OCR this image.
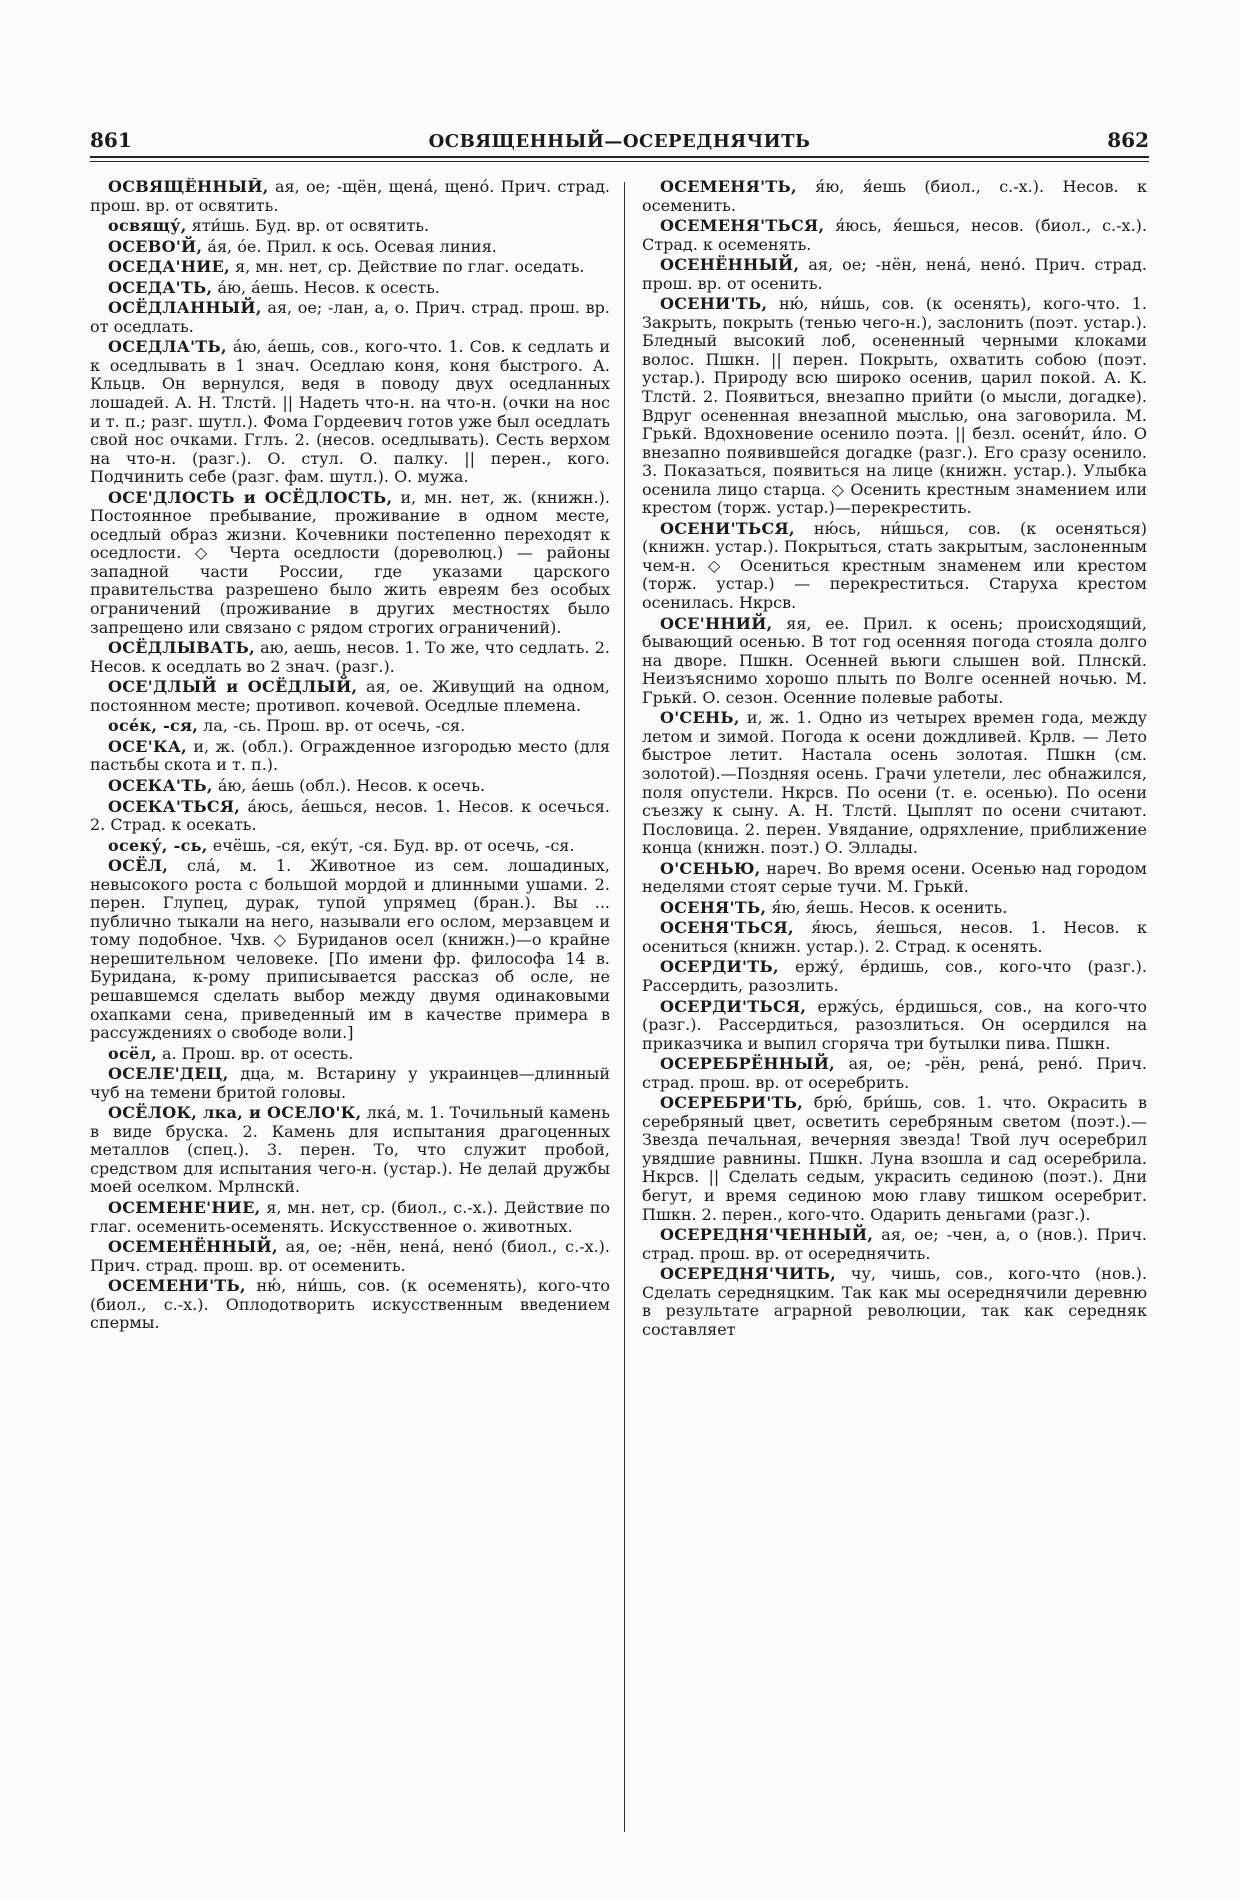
861	ОСВЯЩЕННЫЙ—ОСЕРЕДНЯЧИТЬ	862

ОСВЯЩЁННЫЙ, ая, ое; -щён, щена́, щено́. Прич. страд. прош. вр. от освятить.

освящу́, яти́шь. Буд. вр. от освятить.

ОСЕВО'Й, а́я, о́е. Прил. к ось. Осевая линия.

ОСЕДА'НИЕ, я, мн. нет, ср. Действие по глаг. оседать.

ОСЕДА'ТЬ, а́ю, а́ешь. Несов. к осесть.

ОСЁДЛАННЫЙ, ая, ое; -лан, а, о. Прич. страд. прош. вр. от оседлать.

ОСЕДЛА'ТЬ, а́ю, а́ешь, сов., кого-что. 1. Сов. к седлать и к оседлывать в 1 знач. Оседлаю коня, коня быстрого. А. Кльцв. Он вернулся, ведя в поводу двух оседланных лошадей. А. Н. Тлстй. || Надеть что-н. на что-н. (очки на нос и т. п.; разг. шутл.). Фома Гордеевич готов уже был оседлать свой нос очками. Гглъ. 2. (несов. оседлывать). Сесть верхом на что-н. (разг.). О. стул. О. палку. || перен., кого. Подчинить себе (разг. фам. шутл.). О. мужа.

ОСЕ'ДЛОСТЬ и ОСЁДЛОСТЬ, и, мн. нет, ж. (книжн.). Постоянное пребывание, проживание в одном месте, оседлый образ жизни. Кочевники постепенно переходят к оседлости. ◇ Черта оседлости (дореволюц.) — районы западной части России, где указами царского правительства разрешено было жить евреям без особых ограничений (проживание в других местностях было запрещено или связано с рядом строгих ограничений).

ОСЁДЛЫВАТЬ, аю, аешь, несов. 1. То же, что седлать. 2. Несов. к оседлать во 2 знач. (разг.).

ОСЕ'ДЛЫЙ и ОСЁДЛЫЙ, ая, ое. Живущий на одном, постоянном месте; противоп. кочевой. Оседлые племена.

осе́к, -ся, ла, -сь. Прош. вр. от осечь, -ся.

ОСЕ'КА, и, ж. (обл.). Огражденное изгородью место (для пастьбы скота и т. п.).

ОСЕКА'ТЬ, а́ю, а́ешь (обл.). Несов. к осечь.

ОСЕКА'ТЬСЯ, а́юсь, а́ешься, несов. 1. Несов. к осечься. 2. Страд. к осекать.

осеку́, -сь, ечёшь, -ся, еку́т, -ся. Буд. вр. от осечь, -ся.

ОСЁЛ, сла́, м. 1. Животное из сем. лошадиных, невысокого роста с большой мордой и длинными ушами. 2. перен. Глупец, дурак, тупой упрямец (бран.). Вы ... публично тыкали на него, называли его ослом, мерзавцем и тому подобное. Чхв. ◇ Буриданов осел (книжн.)—о крайне нерешительном человеке. [По имени фр. философа 14 в. Буридана, к-рому приписывается рассказ об осле, не решавшемся сделать выбор между двумя одинаковыми охапками сена, приведенный им в качестве примера в рассуждениях о свободе воли.]

осёл, а. Прош. вр. от осесть.

ОСЕЛЕ'ДЕЦ, дца, м. Встарину у украинцев—длинный чуб на темени бритой головы.

ОСЁЛОК, лка, и ОСЕЛО'К, лка́, м. 1. Точильный камень в виде бруска. 2. Камень для испытания драгоценных металлов (спец.). 3. перен. То, что служит пробой, средством для испытания чего-н. (устар.). Не делай дружбы моей оселком. Мрлнскй.

ОСЕМЕНЕ'НИЕ, я, мн. нет, ср. (биол., с.-х.). Действие по глаг. осеменить-осеменять. Искусственное о. животных.

ОСЕМЕНЁННЫЙ, ая, ое; -нён, нена́, нено́ (биол., с.-х.). Прич. страд. прош. вр. от осеменить.

ОСЕМЕНИ'ТЬ, ню́, ни́шь, сов. (к осеменять), кого-что (биол., с.-х.). Оплодотворить искусственным введением спермы.

ОСЕМЕНЯ'ТЬ, я́ю, я́ешь (биол., с.-х.). Несов. к осеменить.

ОСЕМЕНЯ'ТЬСЯ, я́юсь, я́ешься, несов. (биол., с.-х.). Страд. к осеменять.

ОСЕНЁННЫЙ, ая, ое; -нён, нена́, нено́. Прич. страд. прош. вр. от осенить.

ОСЕНИ'ТЬ, ню́, ни́шь, сов. (к осенять), кого-что. 1. Закрыть, покрыть (тенью чего-н.), заслонить (поэт. устар.). Бледный высокий лоб, осененный черными клоками волос. Пшкн. || перен. Покрыть, охватить собою (поэт. устар.). Природу всю широко осенив, царил покой. А. К. Тлстй. 2. Появиться, внезапно прийти (о мысли, догадке). Вдруг осененная внезапной мыслью, она заговорила. М. Грькй. Вдохновение осенило поэта. || безл. осени́т, и́ло. О внезапно появившейся догадке (разг.). Его сразу осенило. 3. Показаться, появиться на лице (книжн. устар.). Улыбка осенила лицо старца. ◇ Осенить крестным знамением или крестом (торж. устар.)—перекрестить.

ОСЕНИ'ТЬСЯ, ню́сь, ни́шься, сов. (к осеняться) (книжн. устар.). Покрыться, стать закрытым, заслоненным чем-н. ◇ Осениться крестным знаменем или крестом (торж. устар.) — перекреститься. Старуха крестом осенилась. Нкрсв.

ОСЕ'ННИЙ, яя, ее. Прил. к осень; происходящий, бывающий осенью. В тот год осенняя погода стояла долго на дворе. Пшкн. Осенней вьюги слышен вой. Плнскй. Неизъяснимо хорошо плыть по Волге осенней ночью. М. Грькй. О. сезон. Осенние полевые работы.

О'СЕНЬ, и, ж. 1. Одно из четырех времен года, между летом и зимой. Погода к осени дождливей. Крлв. — Лето быстрое летит. Настала осень золотая. Пшкн (см. золотой).—Поздняя осень. Грачи улетели, лес обнажился, поля опустели. Нкрсв. По осени (т. е. осенью). По осени съезжу к сыну. А. Н. Тлстй. Цыплят по осени считают. Пословица. 2. перен. Увядание, одряхление, приближение конца (книжн. поэт.) О. Эллады.

О'СЕНЬЮ, нареч. Во время осени. Осенью над городом неделями стоят серые тучи. М. Грькй.

ОСЕНЯ'ТЬ, я́ю, я́ешь. Несов. к осенить.

ОСЕНЯ'ТЬСЯ, я́юсь, я́ешься, несов. 1. Несов. к осениться (книжн. устар.). 2. Страд. к осенять.

ОСЕРДИ'ТЬ, ержу́, е́рдишь, сов., кого-что (разг.). Рассердить, разозлить.

ОСЕРДИ'ТЬСЯ, ержу́сь, е́рдишься, сов., на кого-что (разг.). Рассердиться, разозлиться. Он осердился на приказчика и выпил сгоряча три бутылки пива. Пшкн.

ОСЕРЕБРЁННЫЙ, ая, ое; -рён, рена́, рено́. Прич. страд. прош. вр. от осеребрить.

ОСЕРЕБРИ'ТЬ, брю́, бри́шь, сов. 1. что. Окрасить в серебряный цвет, осветить серебряным светом (поэт.).—Звезда печальная, вечерняя звезда! Твой луч осеребрил увядшие равнины. Пшкн. Луна взошла и сад осеребрила. Нкрсв. || Сделать седым, украсить сединою (поэт.). Дни бегут, и время сединою мою главу тишком осеребрит. Пшкн. 2. перен., кого-что. Одарить деньгами (разг.).

ОСЕРЕДНЯ'ЧЕННЫЙ, ая, ое; -чен, а, о (нов.). Прич. страд. прош. вр. от осереднячить.

ОСЕРЕДНЯ'ЧИТЬ, чу, чишь, сов., кого-что (нов.). Сделать середняцким. Так как мы осереднячили деревню в результате аграрной революции, так как середняк составляет
